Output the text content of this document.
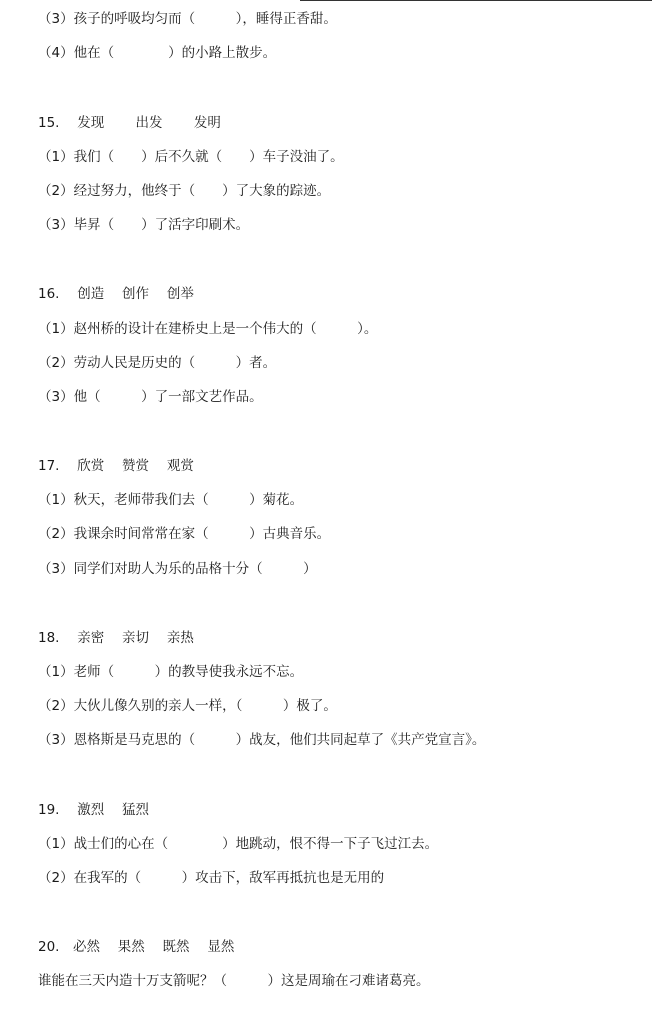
（3）孩子的呼吸均匀而（　　　），睡得正香甜。
（4）他在（　　　　）的小路上散步。
15.　 发现　　 出发　　 发明
（1）我们（　　）后不久就（　　）车子没油了。
（2）经过努力，他终于（　　）了大象的踪迹。
（3）毕昇（　　）了活字印刷术。
16.　 创造　 创作　 创举
（1）赵州桥的设计在建桥史上是一个伟大的（　　　）。
（2）劳动人民是历史的（　　　）者。
（3）他（　　　）了一部文艺作品。
17.　 欣赏　 赞赏　 观赏
（1）秋天，老师带我们去（　　　）菊花。
（2）我课余时间常常在家（　　　）古典音乐。
（3）同学们对助人为乐的品格十分（　　　）
18.　 亲密　 亲切　 亲热
（1）老师（　　　）的教导使我永远不忘。
（2）大伙儿像久别的亲人一样，（　　　）极了。
（3）恩格斯是马克思的（　　　）战友，他们共同起草了《共产党宣言》。
19.　 激烈　 猛烈
（1）战士们的心在（　　　　）地跳动，恨不得一下子飞过江去。
（2）在我军的（　　　）攻击下，敌军再抵抗也是无用的
20.　必然　 果然　 既然　 显然
谁能在三天内造十万支箭呢？（　　　）这是周瑜在刁难诸葛亮。
